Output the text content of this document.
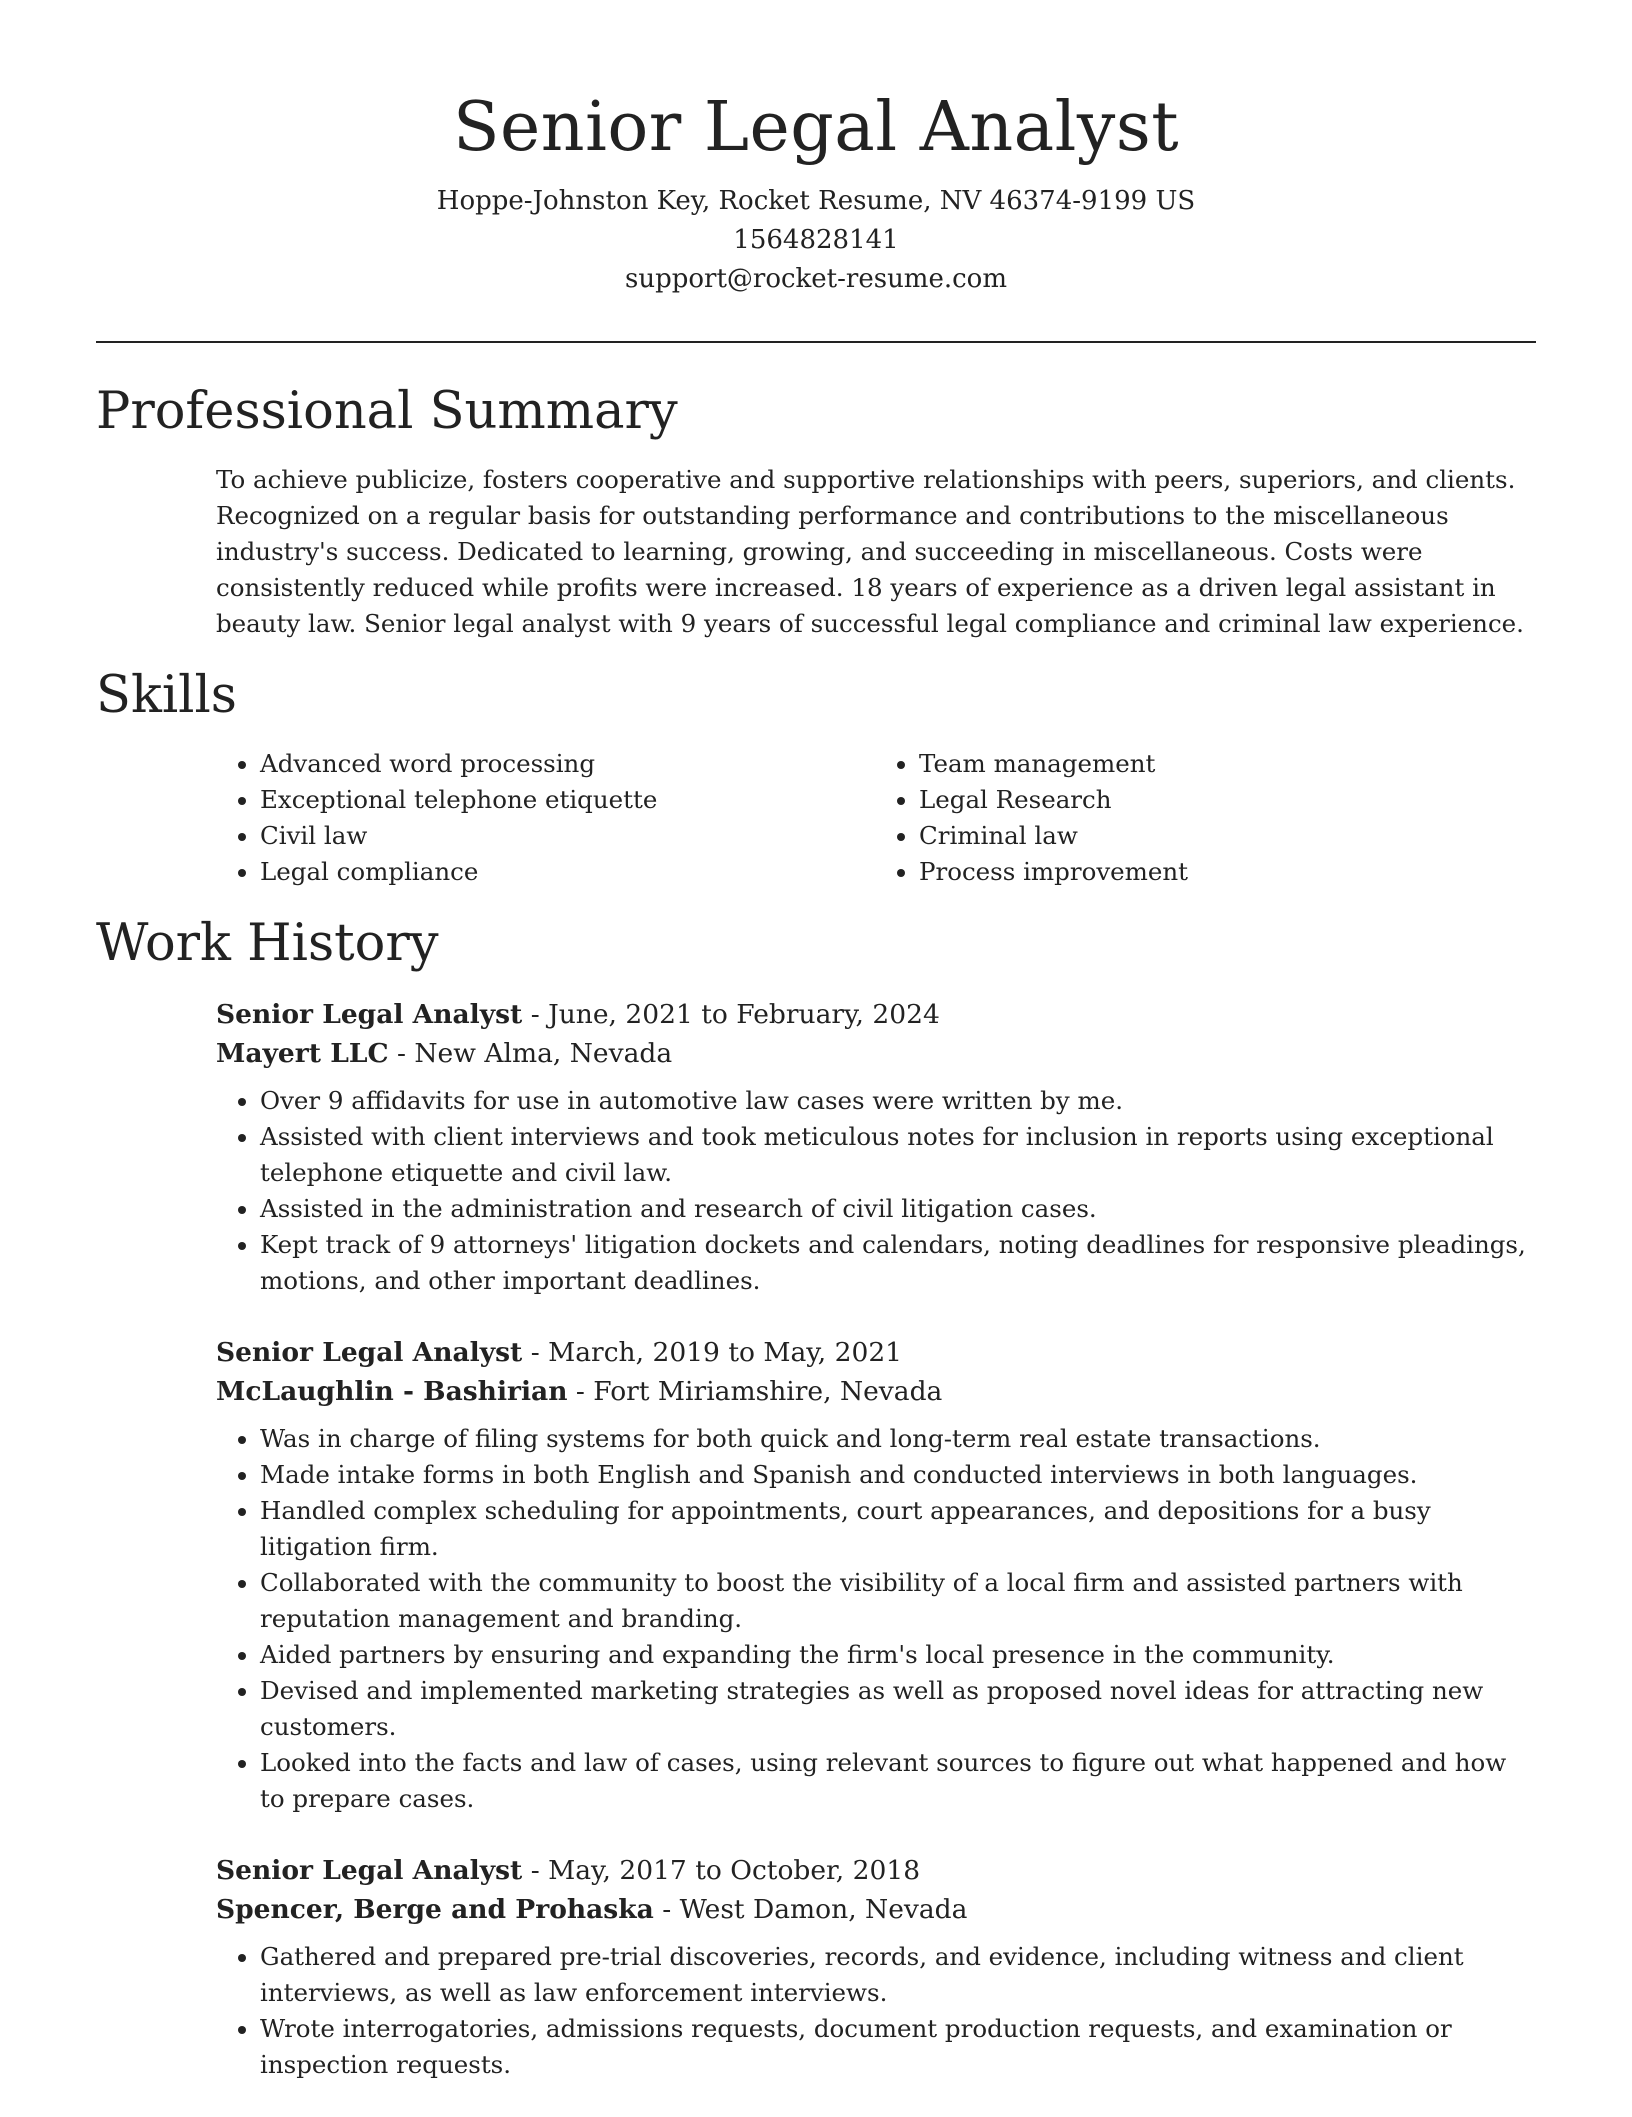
Senior Legal Analyst
Hoppe-Johnston Key, Rocket Resume, NV 46374-9199 US
1564828141
support@rocket-resume.com
Professional Summary

To achieve publicize, fosters cooperative and supportive relationships with peers, superiors, and clients. Recognized on a regular basis for outstanding performance and contributions to the miscellaneous industry's success. Dedicated to learning, growing, and succeeding in miscellaneous. Costs were consistently reduced while profits were increased. 18 years of experience as a driven legal assistant in beauty law. Senior legal analyst with 9 years of successful legal compliance and criminal law experience.

Skills
• Advanced word processing
• Exceptional telephone etiquette
• Civil law
• Legal compliance
• Team management
• Legal Research
• Criminal law
• Process improvement
Work History
Senior Legal Analyst - June, 2021 to February, 2024
Mayert LLC - New Alma, Nevada
• Over 9 affidavits for use in automotive law cases were written by me.
• Assisted with client interviews and took meticulous notes for inclusion in reports using exceptional telephone etiquette and civil law.
• Assisted in the administration and research of civil litigation cases.
• Kept track of 9 attorneys' litigation dockets and calendars, noting deadlines for responsive pleadings, motions, and other important deadlines.
Senior Legal Analyst - March, 2019 to May, 2021
McLaughlin - Bashirian - Fort Miriamshire, Nevada
• Was in charge of filing systems for both quick and long-term real estate transactions.
• Made intake forms in both English and Spanish and conducted interviews in both languages.
• Handled complex scheduling for appointments, court appearances, and depositions for a busy litigation firm.
• Collaborated with the community to boost the visibility of a local firm and assisted partners with reputation management and branding.
• Aided partners by ensuring and expanding the firm's local presence in the community.
• Devised and implemented marketing strategies as well as proposed novel ideas for attracting new customers.
• Looked into the facts and law of cases, using relevant sources to figure out what happened and how to prepare cases.
Senior Legal Analyst - May, 2017 to October, 2018
Spencer, Berge and Prohaska - West Damon, Nevada
• Gathered and prepared pre-trial discoveries, records, and evidence, including witness and client interviews, as well as law enforcement interviews.
• Wrote interrogatories, admissions requests, document production requests, and examination or inspection requests.
